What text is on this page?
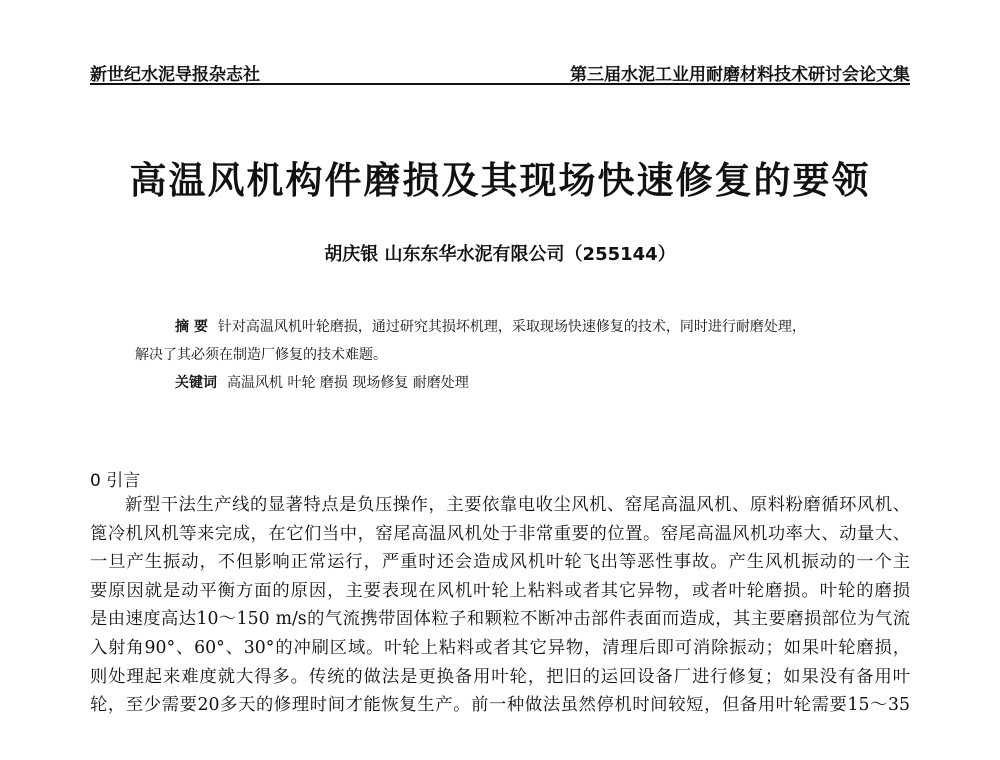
新世纪水泥导报杂志社	第三届水泥工业用耐磨材料技术研讨会论文集
高温风机构件磨损及其现场快速修复的要领
胡庆银 山东东华水泥有限公司（255144）
摘 要 针对高温风机叶轮磨损，通过研究其损坏机理，采取现场快速修复的技术，同时进行耐磨处理，
解决了其必须在制造厂修复的技术难题。
关键词 高温风机 叶轮 磨损 现场修复 耐磨处理
0 引言
新型干法生产线的显著特点是负压操作，主要依靠电收尘风机、窑尾高温风机、原料粉磨循环风机、
篦冷机风机等来完成，在它们当中，窑尾高温风机处于非常重要的位置。窑尾高温风机功率大、动量大、
一旦产生振动，不但影响正常运行，严重时还会造成风机叶轮飞出等恶性事故。产生风机振动的一个主
要原因就是动平衡方面的原因，主要表现在风机叶轮上粘料或者其它异物，或者叶轮磨损。叶轮的磨损
是由速度高达10～150 m/s的气流携带固体粒子和颗粒不断冲击部件表面而造成，其主要磨损部位为气流
入射角90°、60°、30°的冲刷区域。叶轮上粘料或者其它异物，清理后即可消除振动；如果叶轮磨损，
则处理起来难度就大得多。传统的做法是更换备用叶轮，把旧的运回设备厂进行修复；如果没有备用叶
轮，至少需要20多天的修理时间才能恢复生产。前一种做法虽然停机时间较短，但备用叶轮需要15～35
